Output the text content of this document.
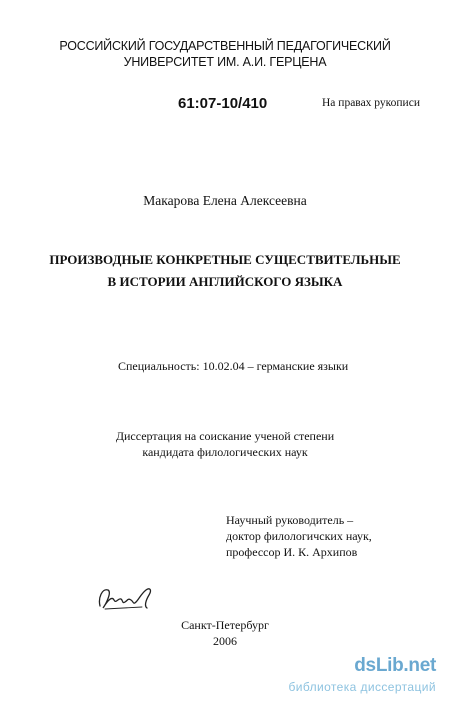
РОССИЙСКИЙ ГОСУДАРСТВЕННЫЙ ПЕДАГОГИЧЕСКИЙ
УНИВЕРСИТЕТ ИМ. А.И. ГЕРЦЕНА
61:07-10/410	На правах рукописи
Макарова Елена Алексеевна
ПРОИЗВОДНЫЕ КОНКРЕТНЫЕ СУЩЕСТВИТЕЛЬНЫЕ
В ИСТОРИИ АНГЛИЙСКОГО ЯЗЫКА
Специальность: 10.02.04 – германские языки
Диссертация на соискание ученой степени
кандидата филологических наук
Научный руководитель –
доктор филологичских наук,
профессор И. К. Архипов
Санкт-Петербург
2006
dsLib.net
библиотека диссертаций
